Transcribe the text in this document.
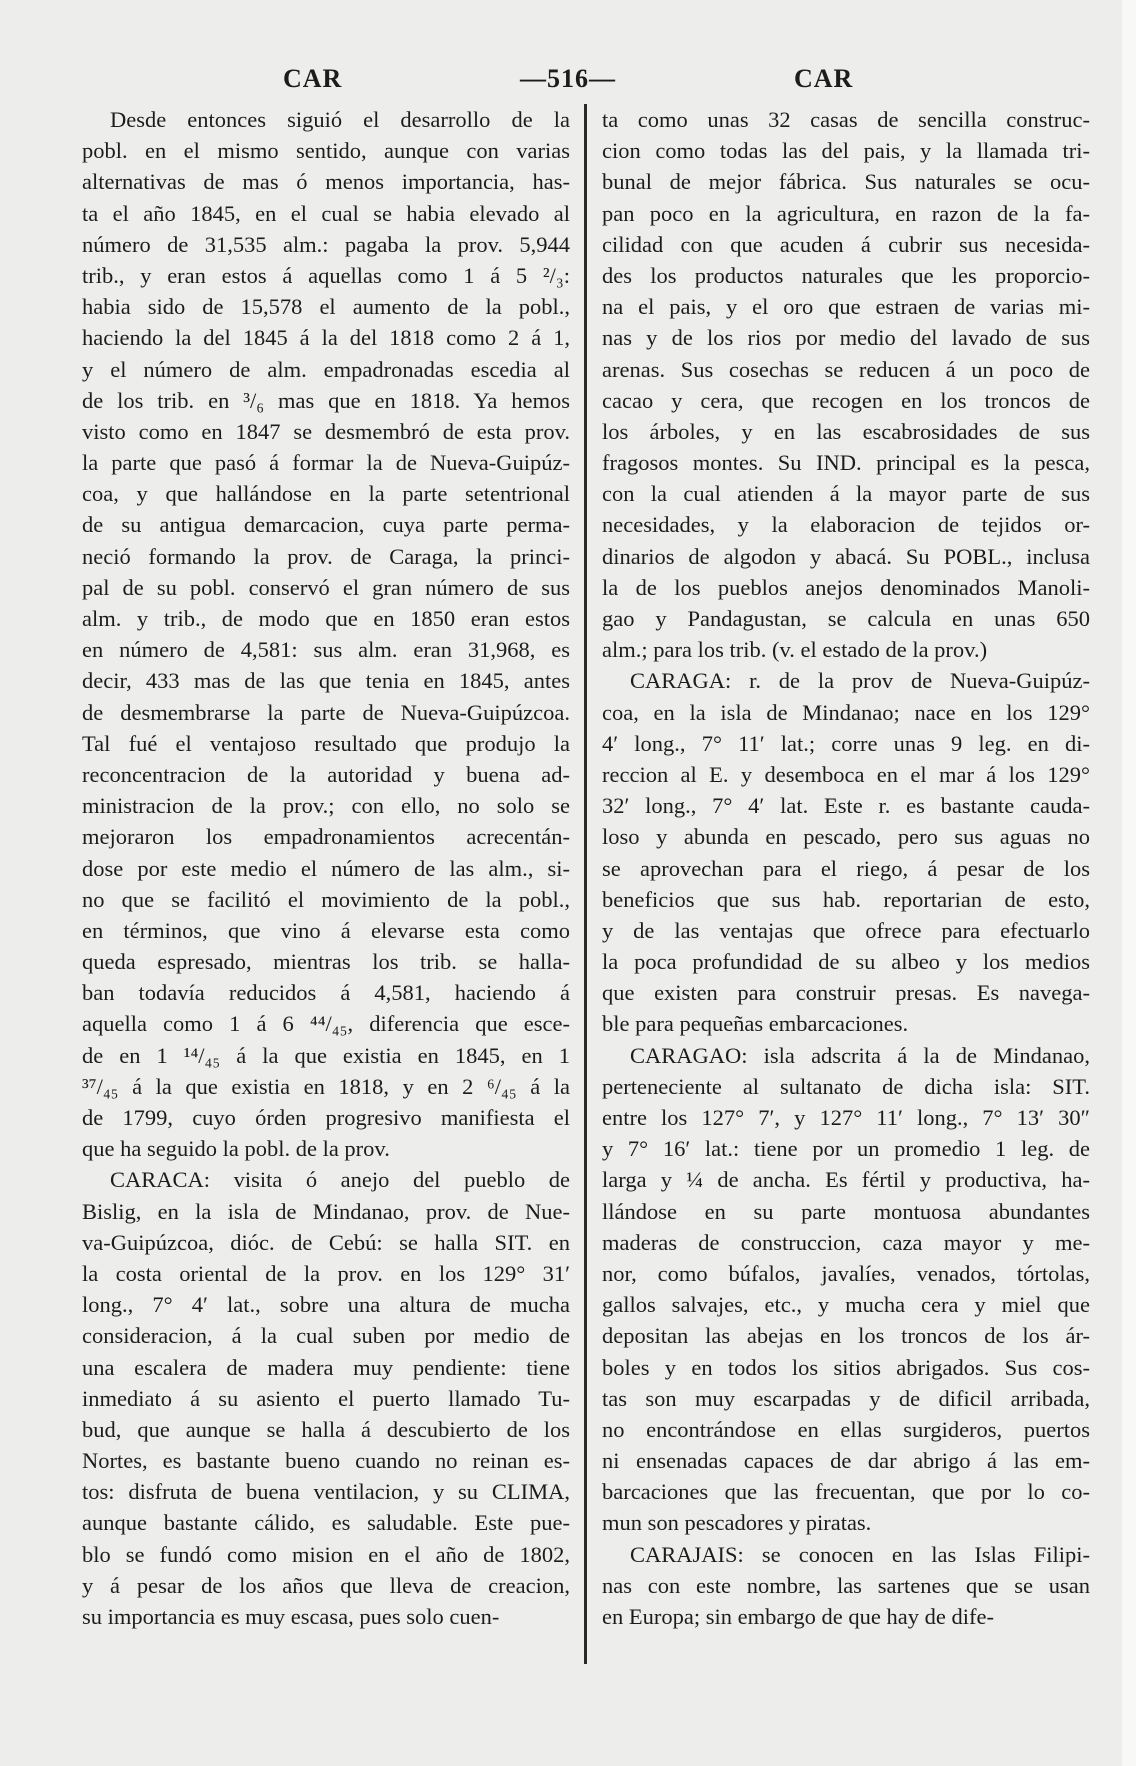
CAR	—516—	CAR
Desde entonces siguió el desarrollo de la
pobl. en el mismo sentido, aunque con varias
alternativas de mas ó menos importancia, has-
ta el año 1845, en el cual se habia elevado al
número de 31,535 alm.: pagaba la prov. 5,944
trib., y eran estos á aquellas como 1 á 5 ²/₃:
habia sido de 15,578 el aumento de la pobl.,
haciendo la del 1845 á la del 1818 como 2 á 1,
y el número de alm. empadronadas escedia al
de los trib. en ³/₆ mas que en 1818. Ya hemos
visto como en 1847 se desmembró de esta prov.
la parte que pasó á formar la de Nueva-Guipúz-
coa, y que hallándose en la parte setentrional
de su antigua demarcacion, cuya parte perma-
neció formando la prov. de Caraga, la princi-
pal de su pobl. conservó el gran número de sus
alm. y trib., de modo que en 1850 eran estos
en número de 4,581: sus alm. eran 31,968, es
decir, 433 mas de las que tenia en 1845, antes
de desmembrarse la parte de Nueva-Guipúzcoa.
Tal fué el ventajoso resultado que produjo la
reconcentracion de la autoridad y buena ad-
ministracion de la prov.; con ello, no solo se
mejoraron los empadronamientos acrecentán-
dose por este medio el número de las alm., si-
no que se facilitó el movimiento de la pobl.,
en términos, que vino á elevarse esta como
queda espresado, mientras los trib. se halla-
ban todavía reducidos á 4,581, haciendo á
aquella como 1 á 6 ⁴⁴/₄₅, diferencia que esce-
de en 1 ¹⁴/₄₅ á la que existia en 1845, en 1
³⁷/₄₅ á la que existia en 1818, y en 2 ⁶/₄₅ á la
de 1799, cuyo órden progresivo manifiesta el
que ha seguido la pobl. de la prov.
CARACA: visita ó anejo del pueblo de
Bislig, en la isla de Mindanao, prov. de Nue-
va-Guipúzcoa, dióc. de Cebú: se halla SIT. en
la costa oriental de la prov. en los 129° 31′
long., 7° 4′ lat., sobre una altura de mucha
consideracion, á la cual suben por medio de
una escalera de madera muy pendiente: tiene
inmediato á su asiento el puerto llamado Tu-
bud, que aunque se halla á descubierto de los
Nortes, es bastante bueno cuando no reinan es-
tos: disfruta de buena ventilacion, y su CLIMA,
aunque bastante cálido, es saludable. Este pue-
blo se fundó como mision en el año de 1802,
y á pesar de los años que lleva de creacion,
su importancia es muy escasa, pues solo cuen-
ta como unas 32 casas de sencilla construc-
cion como todas las del pais, y la llamada tri-
bunal de mejor fábrica. Sus naturales se ocu-
pan poco en la agricultura, en razon de la fa-
cilidad con que acuden á cubrir sus necesida-
des los productos naturales que les proporcio-
na el pais, y el oro que estraen de varias mi-
nas y de los rios por medio del lavado de sus
arenas. Sus cosechas se reducen á un poco de
cacao y cera, que recogen en los troncos de
los árboles, y en las escabrosidades de sus
fragosos montes. Su IND. principal es la pesca,
con la cual atienden á la mayor parte de sus
necesidades, y la elaboracion de tejidos or-
dinarios de algodon y abacá. Su POBL., inclusa
la de los pueblos anejos denominados Manoli-
gao y Pandagustan, se calcula en unas 650
alm.; para los trib. (v. el estado de la prov.)
CARAGA: r. de la prov de Nueva-Guipúz-
coa, en la isla de Mindanao; nace en los 129°
4′ long., 7° 11′ lat.; corre unas 9 leg. en di-
reccion al E. y desemboca en el mar á los 129°
32′ long., 7° 4′ lat. Este r. es bastante cauda-
loso y abunda en pescado, pero sus aguas no
se aprovechan para el riego, á pesar de los
beneficios que sus hab. reportarian de esto,
y de las ventajas que ofrece para efectuarlo
la poca profundidad de su albeo y los medios
que existen para construir presas. Es navega-
ble para pequeñas embarcaciones.
CARAGAO: isla adscrita á la de Mindanao,
perteneciente al sultanato de dicha isla: SIT.
entre los 127° 7′, y 127° 11′ long., 7° 13′ 30″
y 7° 16′ lat.: tiene por un promedio 1 leg. de
larga y ¼ de ancha. Es fértil y productiva, ha-
llándose en su parte montuosa abundantes
maderas de construccion, caza mayor y me-
nor, como búfalos, javalíes, venados, tórtolas,
gallos salvajes, etc., y mucha cera y miel que
depositan las abejas en los troncos de los ár-
boles y en todos los sitios abrigados. Sus cos-
tas son muy escarpadas y de dificil arribada,
no encontrándose en ellas surgideros, puertos
ni ensenadas capaces de dar abrigo á las em-
barcaciones que las frecuentan, que por lo co-
mun son pescadores y piratas.
CARAJAIS: se conocen en las Islas Filipi-
nas con este nombre, las sartenes que se usan
en Europa; sin embargo de que hay de dife-
